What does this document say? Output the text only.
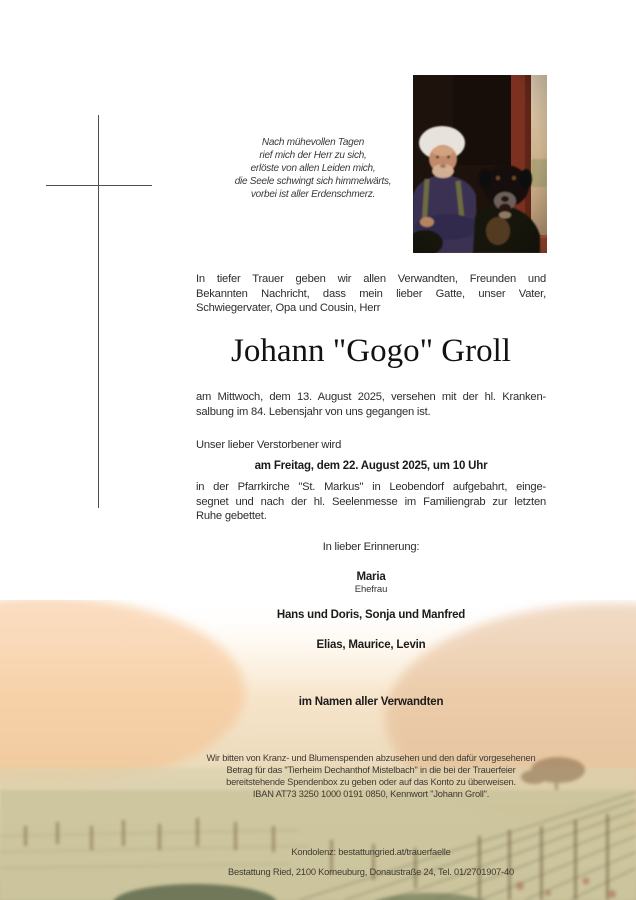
Nach mühevollen Tagen
rief mich der Herr zu sich,
erlöste von allen Leiden mich,
die Seele schwingt sich himmelwärts,
vorbei ist aller Erdenschmerz.
In tiefer Trauer geben wir allen Verwandten, Freunden und
Bekannten Nachricht, dass mein lieber Gatte, unser Vater,
Schwiegervater, Opa und Cousin, Herr
Johann "Gogo" Groll
am Mittwoch, dem 13. August 2025, versehen mit der hl. Kranken-
salbung im 84. Lebensjahr von uns gegangen ist.
Unser lieber Verstorbener wird
am Freitag, dem 22. August 2025, um 10 Uhr
in der Pfarrkirche "St. Markus" in Leobendorf aufgebahrt, einge-
segnet und nach der hl. Seelenmesse im Familiengrab zur letzten
Ruhe gebettet.
In lieber Erinnerung:
Maria
Ehefrau
Hans und Doris, Sonja und Manfred
Elias, Maurice, Levin
im Namen aller Verwandten
Wir bitten von Kranz- und Blumenspenden abzusehen und den dafür vorgesehenen
Betrag für das "Tierheim Dechanthof Mistelbach" in die bei der Trauerfeier
bereitstehende Spendenbox zu geben oder auf das Konto zu überweisen.
IBAN AT73 3250 1000 0191 0850, Kennwort "Johann Groll".
Kondolenz: bestattungried.at/trauerfaelle
Bestattung Ried, 2100 Korneuburg, Donaustraße 24, Tel. 01/2701907-40
